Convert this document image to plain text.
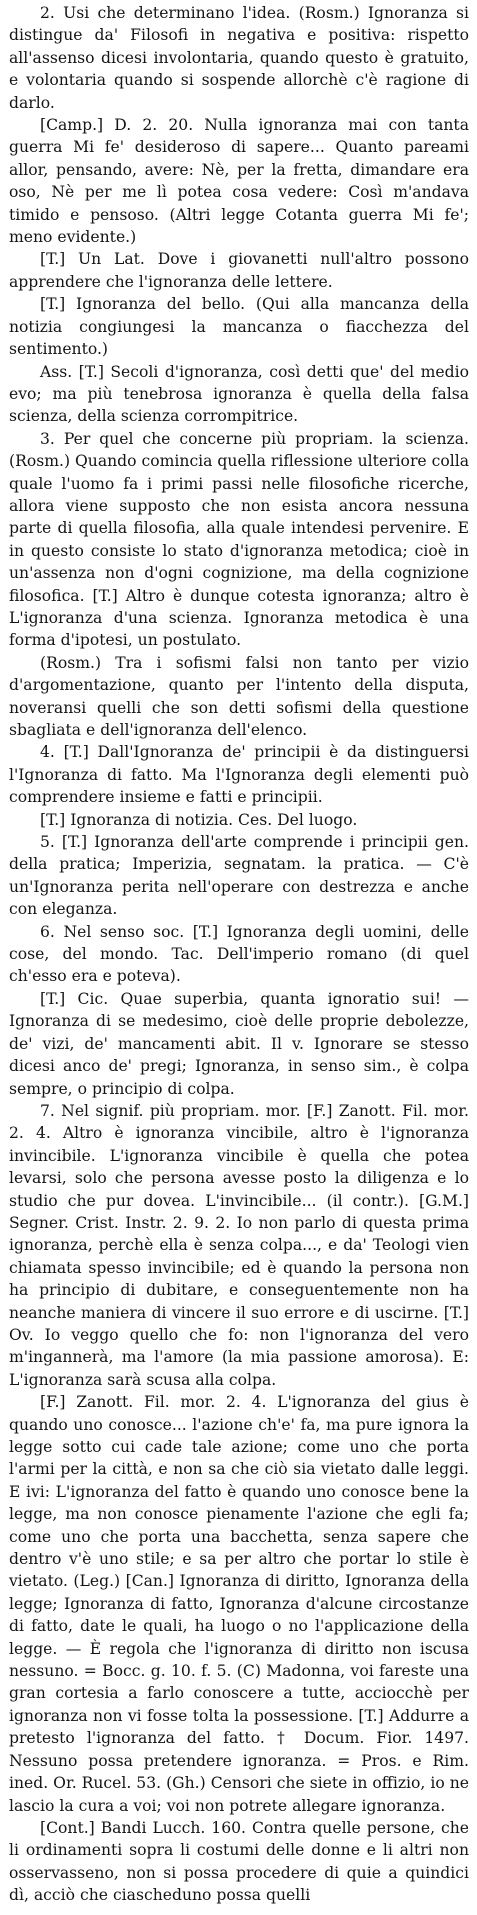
2. Usi che determinano l'idea. (Rosm.) Ignoranza si distingue da' Filosofi in negativa e positiva: rispetto all'assenso dicesi involontaria, quando questo è gratuito, e volontaria quando si sospende allorchè c'è ragione di darlo.

[Camp.] D. 2. 20. Nulla ignoranza mai con tanta guerra Mi fe' desideroso di sapere... Quanto pareami allor, pensando, avere: Nè, per la fretta, dimandare era oso, Nè per me lì potea cosa vedere: Così m'andava timido e pensoso. (Altri legge Cotanta guerra Mi fe'; meno evidente.)

[T.] Un Lat. Dove i giovanetti null'altro possono apprendere che l'ignoranza delle lettere.

[T.] Ignoranza del bello. (Qui alla mancanza della notizia congiungesi la mancanza o fiacchezza del sentimento.)

Ass. [T.] Secoli d'ignoranza, così detti que' del medio evo; ma più tenebrosa ignoranza è quella della falsa scienza, della scienza corrompitrice.

3. Per quel che concerne più propriam. la scienza. (Rosm.) Quando comincia quella riflessione ulteriore colla quale l'uomo fa i primi passi nelle filosofiche ricerche, allora viene supposto che non esista ancora nessuna parte di quella filosofia, alla quale intendesi pervenire. E in questo consiste lo stato d'ignoranza metodica; cioè in un'assenza non d'ogni cognizione, ma della cognizione filosofica. [T.] Altro è dunque cotesta ignoranza; altro è L'ignoranza d'una scienza. Ignoranza metodica è una forma d'ipotesi, un postulato.

(Rosm.) Tra i sofismi falsi non tanto per vizio d'argomentazione, quanto per l'intento della disputa, noveransi quelli che son detti sofismi della questione sbagliata e dell'ignoranza dell'elenco.

4. [T.] Dall'Ignoranza de' principii è da distinguersi l'Ignoranza di fatto. Ma l'Ignoranza degli elementi può comprendere insieme e fatti e principii.

[T.] Ignoranza di notizia. Ces. Del luogo.

5. [T.] Ignoranza dell'arte comprende i principii gen. della pratica; Imperizia, segnatam. la pratica. — C'è un'Ignoranza perita nell'operare con destrezza e anche con eleganza.

6. Nel senso soc. [T.] Ignoranza degli uomini, delle cose, del mondo. Tac. Dell'imperio romano (di quel ch'esso era e poteva).

[T.] Cic. Quae superbia, quanta ignoratio sui! — Ignoranza di se medesimo, cioè delle proprie debolezze, de' vizi, de' mancamenti abit. Il v. Ignorare se stesso dicesi anco de' pregi; Ignoranza, in senso sim., è colpa sempre, o principio di colpa.

7. Nel signif. più propriam. mor. [F.] Zanott. Fil. mor. 2. 4. Altro è ignoranza vincibile, altro è l'ignoranza invincibile. L'ignoranza vincibile è quella che potea levarsi, solo che persona avesse posto la diligenza e lo studio che pur dovea. L'invincibile... (il contr.). [G.M.] Segner. Crist. Instr. 2. 9. 2. Io non parlo di questa prima ignoranza, perchè ella è senza colpa..., e da' Teologi vien chiamata spesso invincibile; ed è quando la persona non ha principio di dubitare, e conseguentemente non ha neanche maniera di vincere il suo errore e di uscirne. [T.] Ov. Io veggo quello che fo: non l'ignoranza del vero m'ingannerà, ma l'amore (la mia passione amorosa). E: L'ignoranza sarà scusa alla colpa.

[F.] Zanott. Fil. mor. 2. 4. L'ignoranza del gius è quando uno conosce... l'azione ch'e' fa, ma pure ignora la legge sotto cui cade tale azione; come uno che porta l'armi per la città, e non sa che ciò sia vietato dalle leggi. E ivi: L'ignoranza del fatto è quando uno conosce bene la legge, ma non conosce pienamente l'azione che egli fa; come uno che porta una bacchetta, senza sapere che dentro v'è uno stile; e sa per altro che portar lo stile è vietato. (Leg.) [Can.] Ignoranza di diritto, Ignoranza della legge; Ignoranza di fatto, Ignoranza d'alcune circostanze di fatto, date le quali, ha luogo o no l'applicazione della legge. — È regola che l'ignoranza di diritto non iscusa nessuno. = Bocc. g. 10. f. 5. (C) Madonna, voi fareste una gran cortesia a farlo conoscere a tutte, acciocchè per ignoranza non vi fosse tolta la possessione. [T.] Addurre a pretesto l'ignoranza del fatto. † Docum. Fior. 1497. Nessuno possa pretendere ignoranza. = Pros. e Rim. ined. Or. Rucel. 53. (Gh.) Censori che siete in offizio, io ne lascio la cura a voi; voi non potrete allegare ignoranza.

[Cont.] Bandi Lucch. 160. Contra quelle persone, che li ordinamenti sopra li costumi delle donne e li altri non osservasseno, non si possa procedere di quie a quindici dì, acciò che ciascheduno possa quelli
